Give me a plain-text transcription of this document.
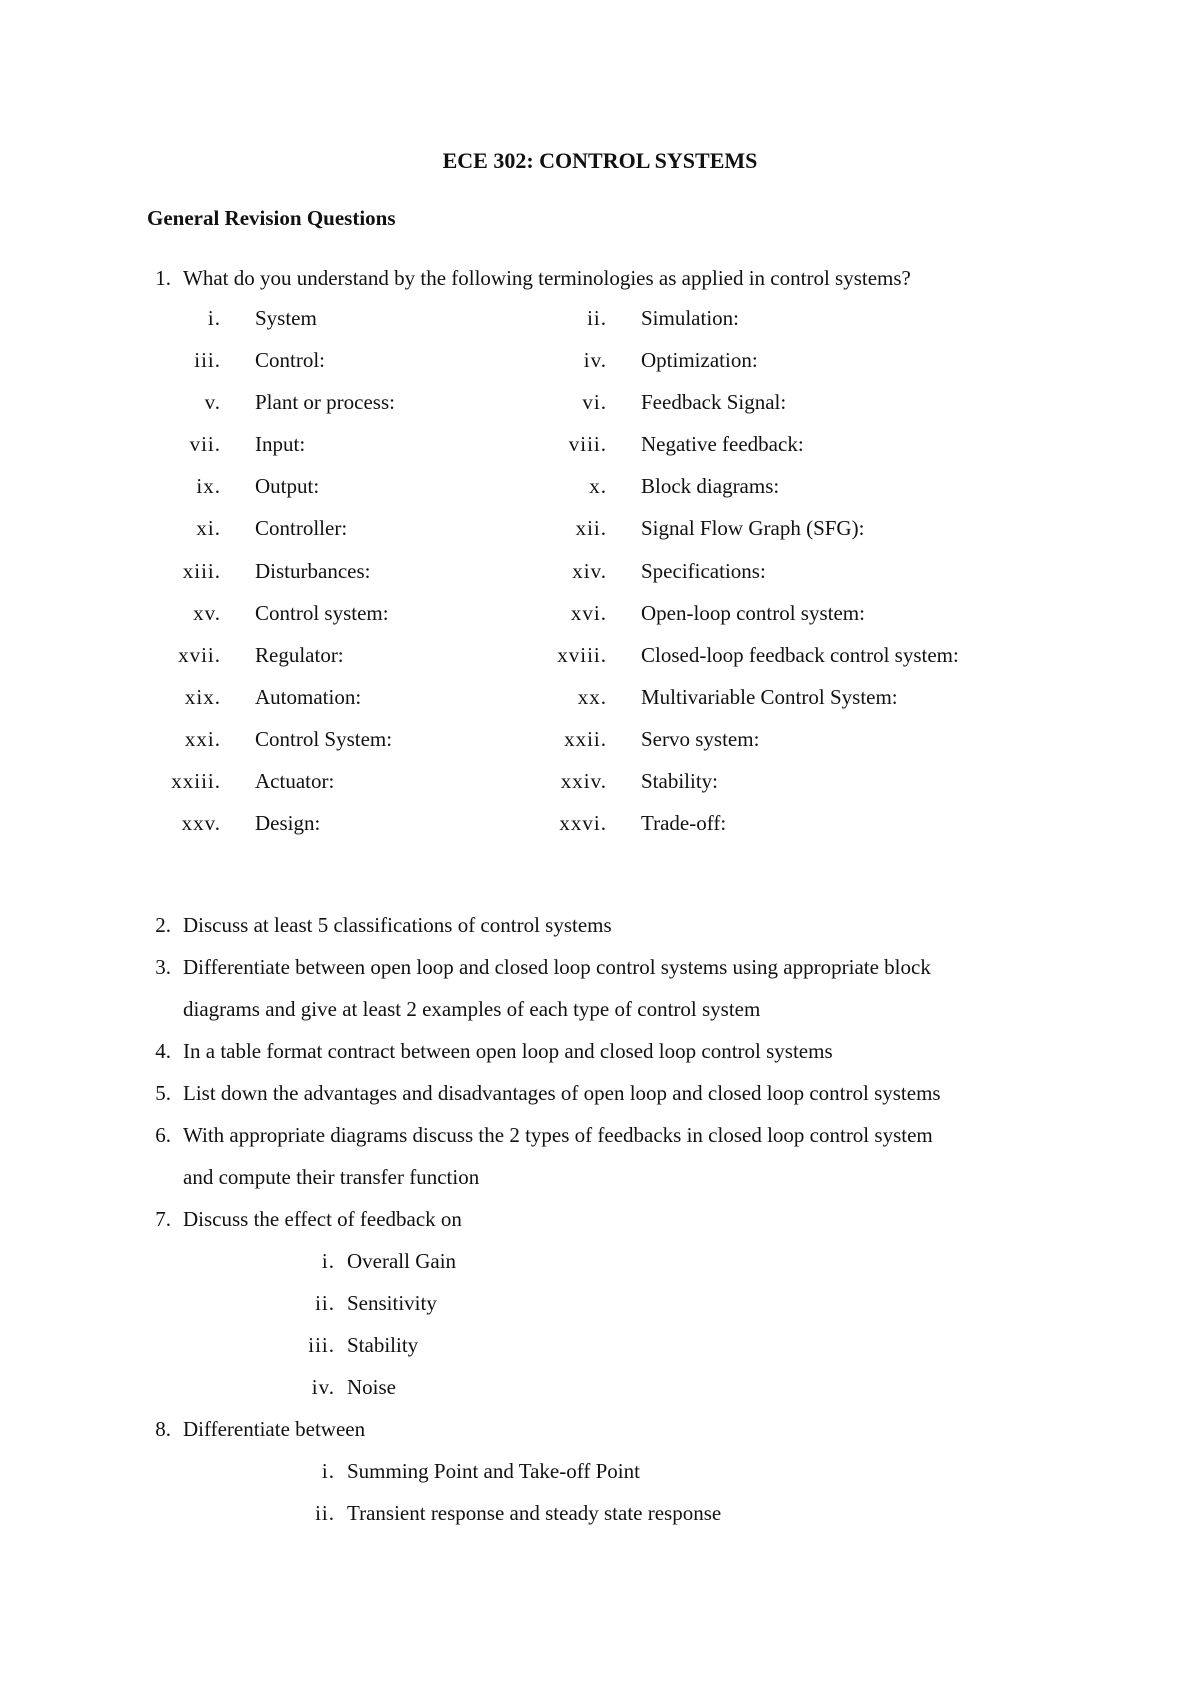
ECE 302: CONTROL SYSTEMS
General Revision Questions
1. What do you understand by the following terminologies as applied in control systems?
i. System	ii. Simulation:
iii. Control:	iv. Optimization:
v. Plant or process:	vi. Feedback Signal:
vii. Input:	viii. Negative feedback:
ix. Output:	x. Block diagrams:
xi. Controller:	xii. Signal Flow Graph (SFG):
xiii. Disturbances:	xiv. Specifications:
xv. Control system:	xvi. Open-loop control system:
xvii. Regulator:	xviii. Closed-loop feedback control system:
xix. Automation:	xx. Multivariable Control System:
xxi. Control System:	xxii. Servo system:
xxiii. Actuator:	xxiv. Stability:
xxv. Design:	xxvi. Trade-off:
2. Discuss at least 5 classifications of control systems
3. Differentiate between open loop and closed loop control systems using appropriate block
diagrams and give at least 2 examples of each type of control system
4. In a table format contract between open loop and closed loop control systems
5. List down the advantages and disadvantages of open loop and closed loop control systems
6. With appropriate diagrams discuss the 2 types of feedbacks in closed loop control system
and compute their transfer function
7. Discuss the effect of feedback on
i. Overall Gain
ii. Sensitivity
iii. Stability
iv. Noise
8. Differentiate between
i. Summing Point and Take-off Point
ii. Transient response and steady state response
